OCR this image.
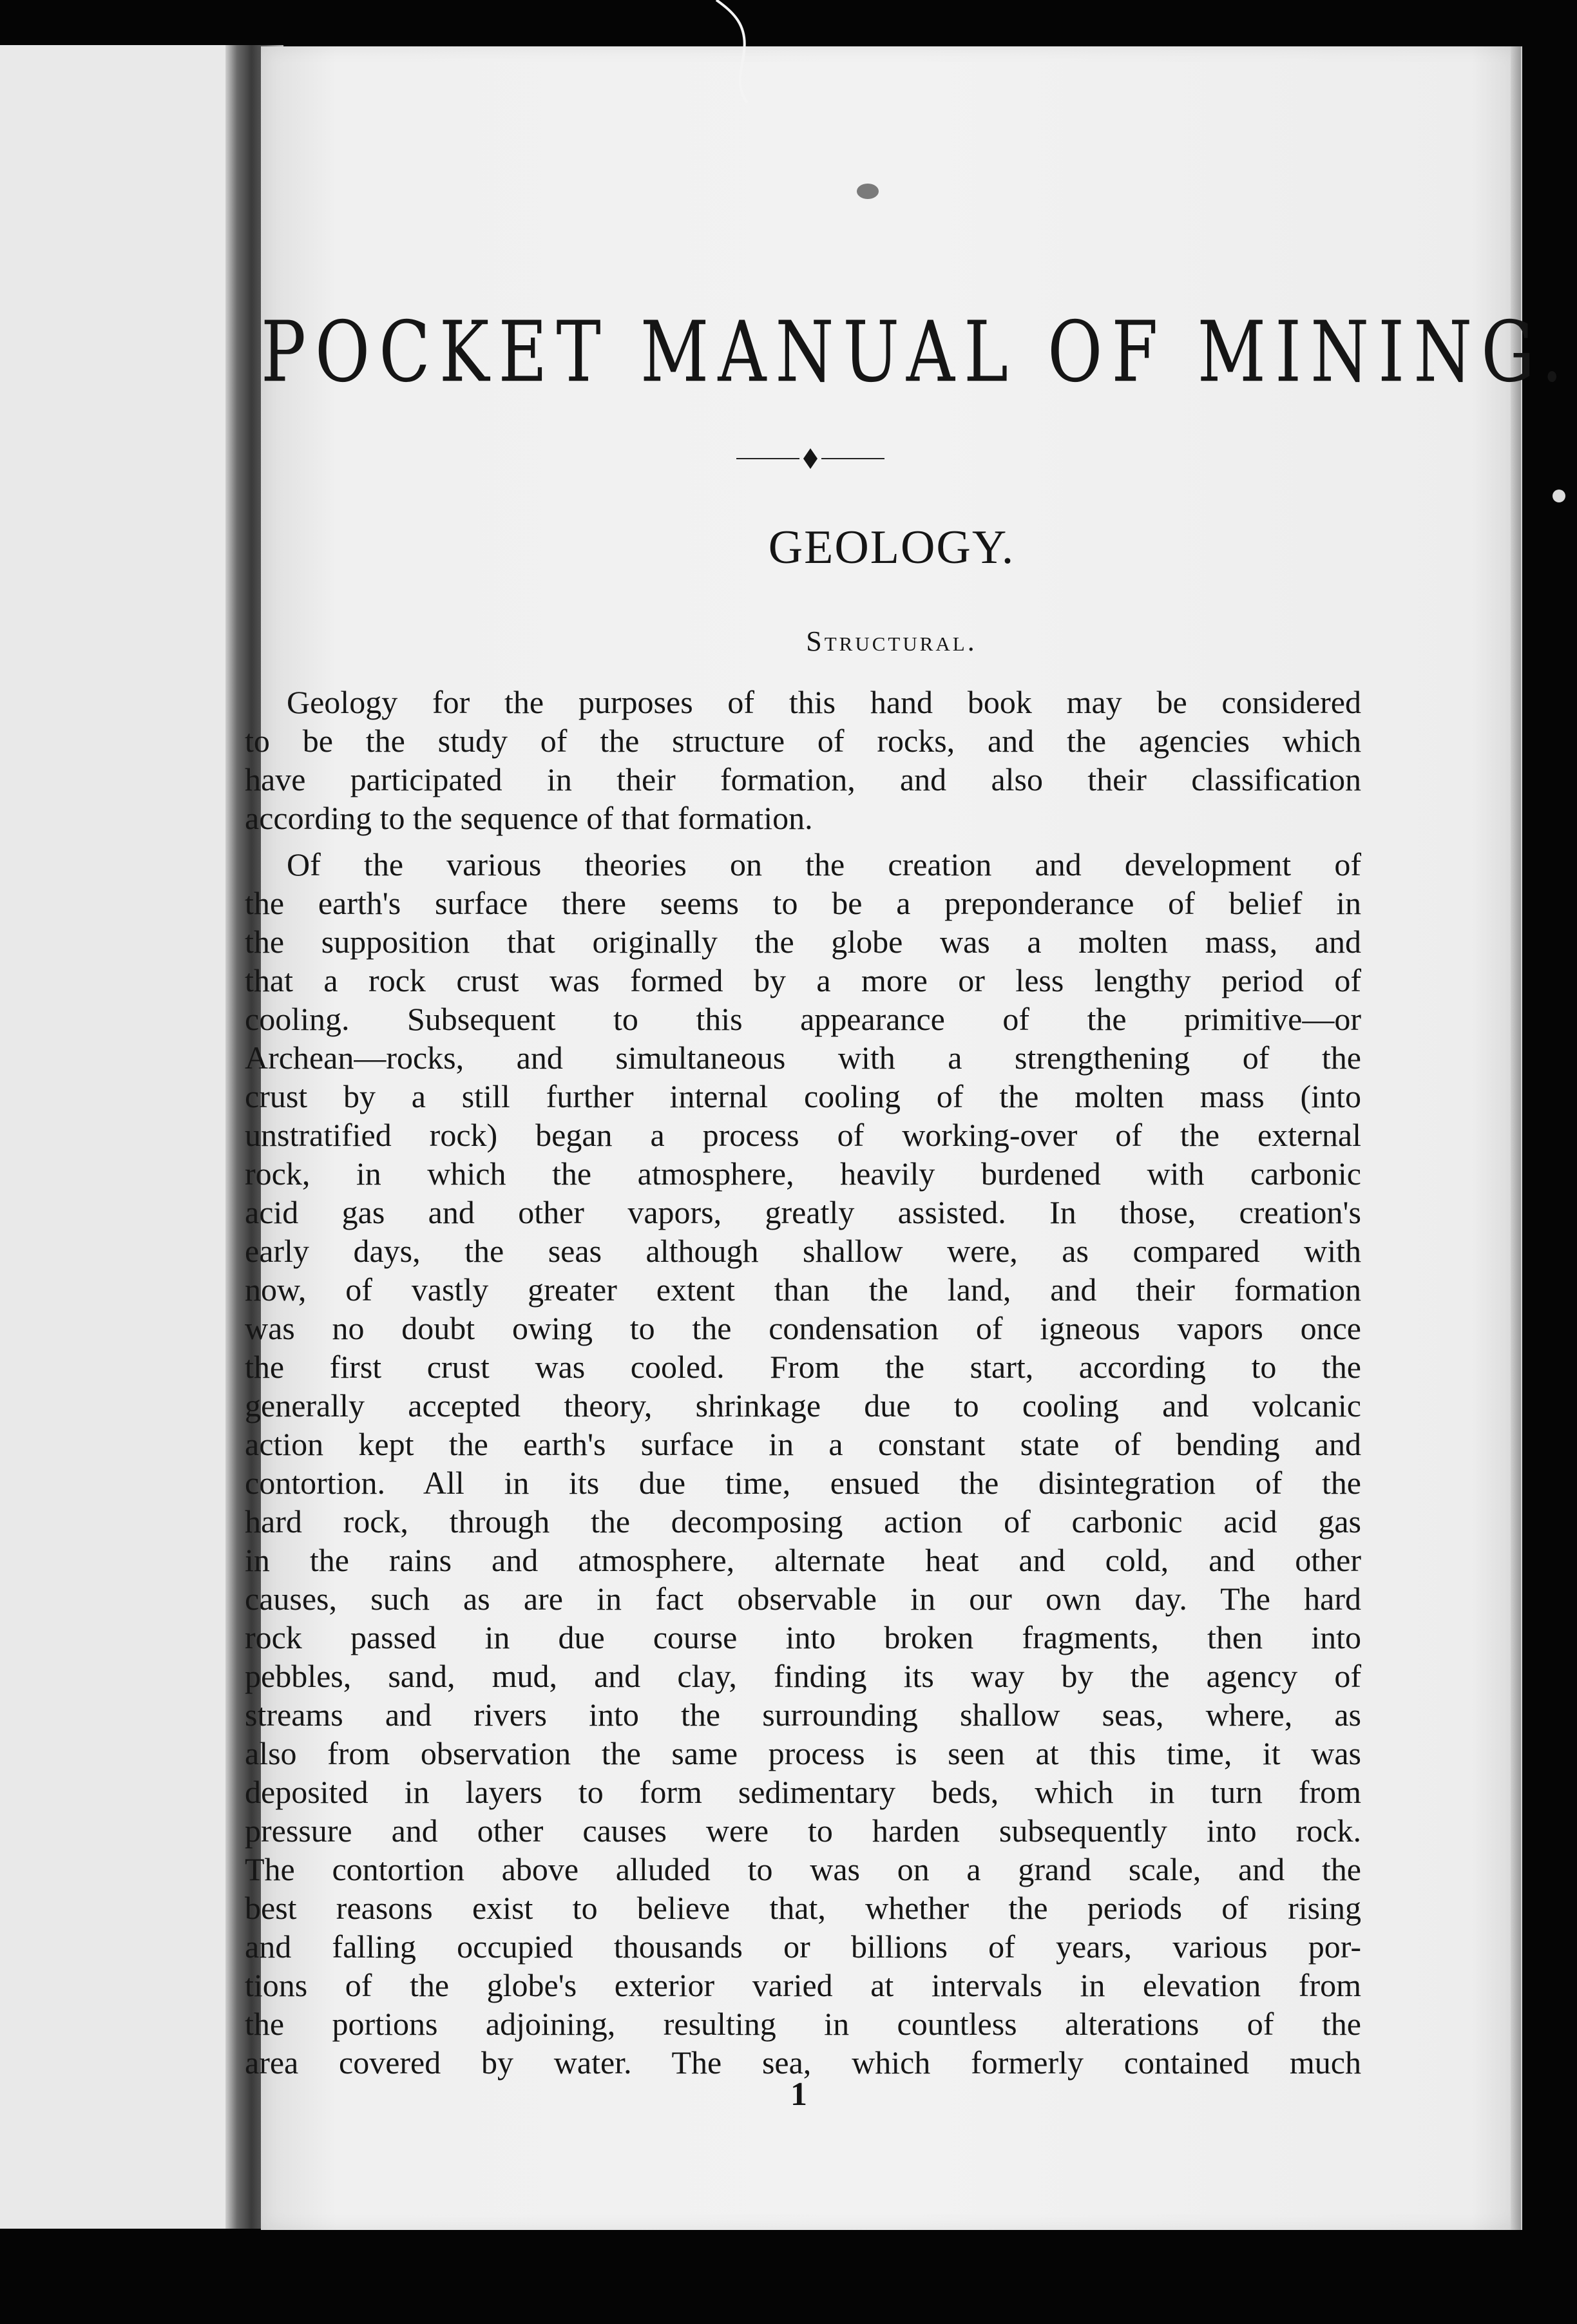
POCKET MANUAL OF MINING.
GEOLOGY.
Structural.
Geology for the purposes of this hand book may be considered
to be the study of the structure of rocks, and the agencies which
have participated in their formation, and also their classification
according to the sequence of that formation.
Of the various theories on the creation and development of
the earth's surface there seems to be a preponderance of belief in
the supposition that originally the globe was a molten mass, and
that a rock crust was formed by a more or less lengthy period of
cooling. Subsequent to this appearance of the primitive—or
Archean—rocks, and simultaneous with a strengthening of the
crust by a still further internal cooling of the molten mass (into
unstratified rock) began a process of working-over of the external
rock, in which the atmosphere, heavily burdened with carbonic
acid gas and other vapors, greatly assisted. In those, creation's
early days, the seas although shallow were, as compared with
now, of vastly greater extent than the land, and their formation
was no doubt owing to the condensation of igneous vapors once
the first crust was cooled. From the start, according to the
generally accepted theory, shrinkage due to cooling and volcanic
action kept the earth's surface in a constant state of bending and
contortion. All in its due time, ensued the disintegration of the
hard rock, through the decomposing action of carbonic acid gas
in the rains and atmosphere, alternate heat and cold, and other
causes, such as are in fact observable in our own day. The hard
rock passed in due course into broken fragments, then into
pebbles, sand, mud, and clay, finding its way by the agency of
streams and rivers into the surrounding shallow seas, where, as
also from observation the same process is seen at this time, it was
deposited in layers to form sedimentary beds, which in turn from
pressure and other causes were to harden subsequently into rock.
The contortion above alluded to was on a grand scale, and the
best reasons exist to believe that, whether the periods of rising
and falling occupied thousands or billions of years, various por-
tions of the globe's exterior varied at intervals in elevation from
the portions adjoining, resulting in countless alterations of the
area covered by water. The sea, which formerly contained much
1
